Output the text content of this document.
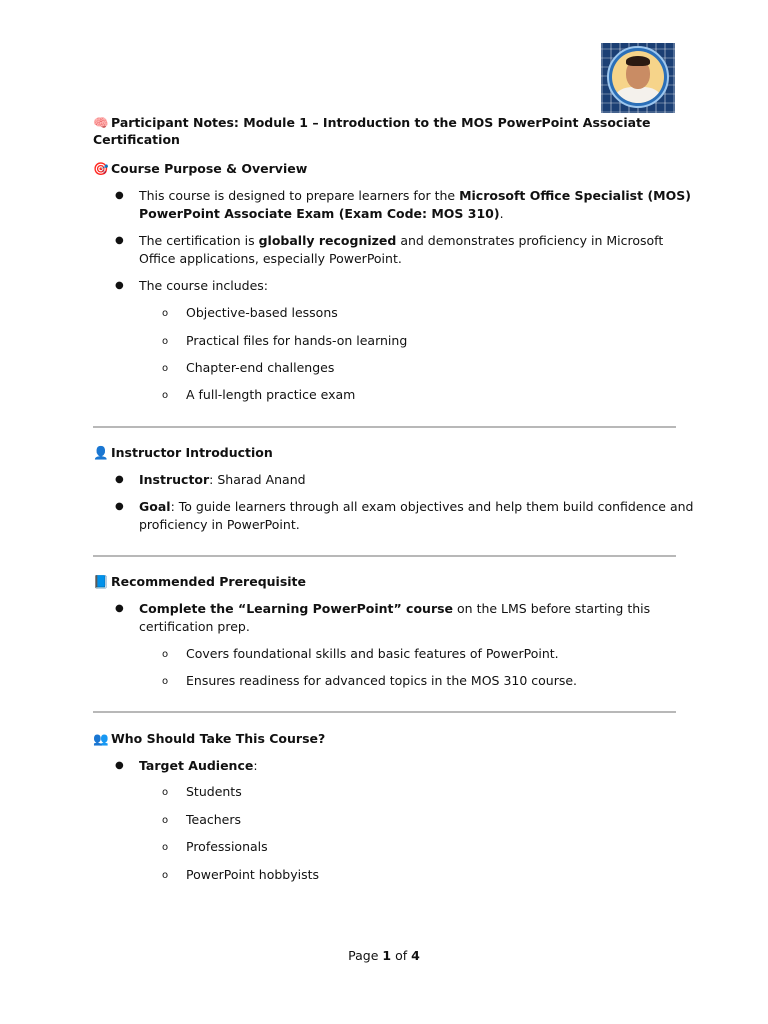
🧠 Participant Notes: Module 1 – Introduction to the MOS PowerPoint Associate
Certification
🎯 Course Purpose & Overview
● This course is designed to prepare learners for the Microsoft Office Specialist (MOS)
PowerPoint Associate Exam (Exam Code: MOS 310).
● The certification is globally recognized and demonstrates proficiency in Microsoft
Office applications, especially PowerPoint.
● The course includes:
o Objective-based lessons
o Practical files for hands-on learning
o Chapter-end challenges
o A full-length practice exam
👤 Instructor Introduction
● Instructor: Sharad Anand
● Goal: To guide learners through all exam objectives and help them build confidence and
proficiency in PowerPoint.
📘 Recommended Prerequisite
● Complete the “Learning PowerPoint” course on the LMS before starting this
certification prep.
o Covers foundational skills and basic features of PowerPoint.
o Ensures readiness for advanced topics in the MOS 310 course.
👥 Who Should Take This Course?
● Target Audience:
o Students
o Teachers
o Professionals
o PowerPoint hobbyists
Page 1 of 4
